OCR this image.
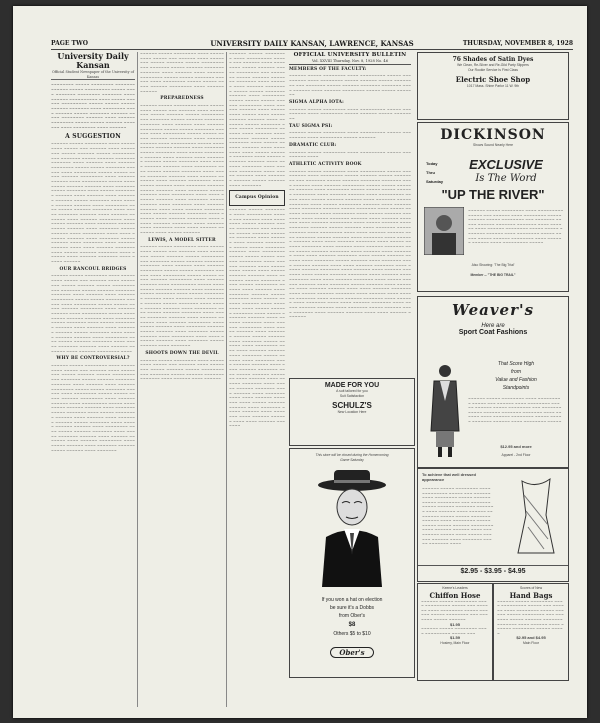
PAGE TWO	UNIVERSITY DAILY KANSAN, LAWRENCE, KANSAS	THURSDAY, NOVEMBER 8, 1928
University Daily Kansan
Official Student Newspaper of the University of Kansas
~~~~~~~~ ~~~~~ ~~~~~~~~ ~~~~~~~ ~~~~~~ ~~~~~ ~~~~~~~~~ ~~~~~ ~~~~ ~~~~~~~ ~~~~~~~~ ~~~~~~~ ~~~~ ~~~~~~ ~~~~~~~~~~ ~~~~ ~~~~~ ~~~~~~ ~~~~~~~~~ ~~~~~ ~~~~~ ~~~~~ ~~~~~~ ~~~~~~~ ~~~~ ~~~~~~~~ ~~~~ ~~~~~~ ~~~~~ ~~~~~~~ ~~~~~~ ~~~~~ ~~~~~~~~ ~~~~~~ ~~~~ ~~~~~~ ~~~~~~~~ ~~~~~ ~~~~~ ~~~~~~ ~~~~~~~ ~~~~ ~~~~~~~~ ~~~~ ~~~~~~
A SUGGESTION
~~~~~~ ~~~~~ ~~~~~~~~ ~~~~ ~~~~~~~~~ ~~~~~ ~~~ ~~~~~~ ~~~~ ~~~~~~~~ ~~~~~ ~~~~~~ ~~~~~ ~~~~~~~~ ~~~ ~~~~~~~ ~~~~~ ~~~~~~ ~~~~~~~ ~~~~~~~ ~~~~ ~~~~~~ ~~~~ ~~~~~~ ~~~~~~~~ ~~~~~ ~~~~~ ~~~~~~~ ~~~~~~ ~~~~ ~~~~~~~~ ~~~~~ ~~~~~ ~~~~~ ~~~~~~ ~~~~~~~~ ~~~~ ~~~~~~ ~~~~~~ ~~~~ ~~~~~~~~~ ~~~~~ ~~~~ ~~~~~ ~~~~~~ ~~~~~~ ~~~~ ~~~~~~~ ~~~~~ ~~~~~~~ ~~~~ ~~~~~ ~~~~~~~~ ~~~~~~ ~~~~ ~~~~~~ ~~~~ ~~~~~~~ ~~~~~~ ~~~~~ ~~~~~~~ ~~~~ ~~~~~ ~~~~~~ ~~~~~~ ~~~~ ~~~~~~~~ ~~~~ ~~~~~ ~~~~~~ ~~~~~~~ ~~~~ ~~~~~ ~~~~~~~ ~~~~~~ ~~~~ ~~~~~~ ~~~~~~~ ~~~~ ~~~~~~ ~~~~~~~~ ~~~~ ~~~~~ ~~~~~~ ~~~~ ~~~~~~~ ~~~~~~ ~~~~~ ~~~~~~ ~~~~ ~~~~~~~ ~~~~~ ~~~~~~ ~~~~ ~~~~~~~~ ~~~~ ~~~~ ~~~~~~ ~~~~~~ ~~~~ ~~~~~~~ ~~~~~ ~~~~~~ ~~~~ ~~~~~~~ ~~~~ ~~~~~~ ~~~~~~ ~~~~ ~~~~ ~~~~~~ ~~~~~~~ ~~~~ ~~~~~ ~~~~~~ ~~~~~~~ ~~~~ ~~~~~~ ~~~~ ~~~~~~ ~~~~~~~ ~~~~ ~~~~~ ~~~~~~
OUR RANCOUL BRIDGES
~~~~~~ ~~~~~ ~~~~~~~~ ~~~~ ~~~~~~~~~ ~~~~~ ~~~ ~~~~~~ ~~~~ ~~~~~~~~ ~~~~~ ~~~~~~ ~~~~~ ~~~~~~~~ ~~~ ~~~~~~~ ~~~~~ ~~~~~~ ~~~~~~~ ~~~~~~~ ~~~~ ~~~~~~ ~~~~ ~~~~~~ ~~~~~~~~ ~~~~~ ~~~~~ ~~~~~~~ ~~~~~~ ~~~~ ~~~~~~~~ ~~~~~ ~~~~~ ~~~~~ ~~~~~~ ~~~~~~~~ ~~~~ ~~~~~~ ~~~~~~ ~~~~ ~~~~~~~~~ ~~~~~ ~~~~ ~~~~~ ~~~~~~ ~~~~~~ ~~~~ ~~~~~~~ ~~~~~ ~~~~~~~ ~~~~ ~~~~~ ~~~~~~~~ ~~~~~~ ~~~~ ~~~~~~ ~~~~ ~~~~~~~ ~~~~~~ ~~~~~ ~~~~~~~ ~~~~ ~~~~~ ~~~~~~ ~~~~~~ ~~~~ ~~~~~~~~ ~~~~ ~~~~~ ~~~~~~ ~~~~~~~ ~~~~ ~~~~~ ~~~~~~~ ~~~~~~ ~~~~ ~~~~~~ ~~~~~~~ ~~~~ ~~~~~~ ~~~~~~~~ ~~~~
WHY BE CONTROVERSIAL?
~~~~~~ ~~~~~ ~~~~~~~~ ~~~~ ~~~~~~~~~ ~~~~~ ~~~ ~~~~~~ ~~~~ ~~~~~~~~ ~~~~~ ~~~~~~ ~~~~~ ~~~~~~~~ ~~~ ~~~~~~~ ~~~~~ ~~~~~~ ~~~~~~~ ~~~~~~~ ~~~~ ~~~~~~ ~~~~ ~~~~~~ ~~~~~~~~ ~~~~~ ~~~~~ ~~~~~~~ ~~~~~~ ~~~~ ~~~~~~~~ ~~~~~ ~~~~~ ~~~~~ ~~~~~~ ~~~~~~~~ ~~~~ ~~~~~~ ~~~~~~ ~~~~ ~~~~~~~~~ ~~~~~ ~~~~ ~~~~~ ~~~~~~ ~~~~~~ ~~~~ ~~~~~~~ ~~~~~ ~~~~~~~ ~~~~ ~~~~~ ~~~~~~~~ ~~~~~~ ~~~~ ~~~~~~ ~~~~ ~~~~~~~ ~~~~~~ ~~~~~ ~~~~~~~ ~~~~ ~~~~~ ~~~~~~ ~~~~~~ ~~~~ ~~~~~~~~ ~~~~ ~~~~~ ~~~~~~ ~~~~~~~ ~~~~ ~~~~~ ~~~~~~~ ~~~~~~ ~~~~ ~~~~~~ ~~~~~~~ ~~~~ ~~~~~~ ~~~~~~~~ ~~~~ ~~~~~ ~~~~~~ ~~~~ ~~~~~~~ ~~~~~~ ~~~~~ ~~~~~~ ~~~~ ~~~~~~~
~~~~~~ ~~~~~ ~~~~~~~~ ~~~~ ~~~~~~~~~ ~~~~~ ~~~ ~~~~~~ ~~~~ ~~~~~~~~ ~~~~~ ~~~~~~ ~~~~~ ~~~~~~~~ ~~~ ~~~~~~~ ~~~~~ ~~~~~~ ~~~~~~~ ~~~~~~~ ~~~~ ~~~~~~ ~~~~ ~~~~~~ ~~~~~~~~ ~~~~~ ~~~~~ ~~~~~~~ ~~~~~~ ~~~~ ~~~~~~~~ ~~~~~ ~~~~~ ~~~~~ ~~~~~~ ~~~~~~~~ ~~~~ ~~~~~~ ~~~~~~
PREPAREDNESS
~~~~~~ ~~~~~ ~~~~~~~~ ~~~~ ~~~~~~~~~ ~~~~~ ~~~ ~~~~~~ ~~~~ ~~~~~~~~ ~~~~~ ~~~~~~ ~~~~~ ~~~~~~~~ ~~~ ~~~~~~~ ~~~~~ ~~~~~~ ~~~~~~~ ~~~~~~~ ~~~~ ~~~~~~ ~~~~ ~~~~~~ ~~~~~~~~ ~~~~~ ~~~~~ ~~~~~~~ ~~~~~~ ~~~~ ~~~~~~~~ ~~~~~ ~~~~~ ~~~~~ ~~~~~~ ~~~~~~~~ ~~~~ ~~~~~~ ~~~~~~ ~~~~ ~~~~~~~~~ ~~~~~ ~~~~ ~~~~~ ~~~~~~ ~~~~~~ ~~~~ ~~~~~~~ ~~~~~ ~~~~~~~ ~~~~ ~~~~~ ~~~~~~~~ ~~~~~~ ~~~~ ~~~~~~ ~~~~ ~~~~~~~ ~~~~~~ ~~~~~ ~~~~~~~ ~~~~ ~~~~~ ~~~~~~ ~~~~~~ ~~~~ ~~~~~~~~ ~~~~ ~~~~~ ~~~~~~ ~~~~~~~ ~~~~ ~~~~~ ~~~~~~~ ~~~~~~ ~~~~ ~~~~~~ ~~~~~~~ ~~~~ ~~~~~~ ~~~~~~~~ ~~~~ ~~~~~ ~~~~~~ ~~~~ ~~~~~~~ ~~~~~~ ~~~~~ ~~~~~~ ~~~~ ~~~~~~~ ~~~~~ ~~~~~~ ~~~~ ~~~~~~~~ ~~~~ ~~~~ ~~~~~~ ~~~~~~ ~~~~ ~~~~~~~ ~~~~~ ~~~~~~ ~~~~ ~~~~~~~ ~~~~ ~~~~~~ ~~~~~~ ~~~~ ~~~~ ~~~~~~ ~~~~~~~ ~~~~ ~~~~~ ~~~~~~ ~~~~~~~ ~~~~ ~~~~~~ ~~~~ ~~~~~~ ~~~~~~~ ~~~~ ~~~~~ ~~~~~~ ~~~~~~~ ~~~~ ~~~~~~ ~~~~ ~~~~~~~ ~~~~ ~~~~ ~~~~~~ ~~~~~~~ ~~~~ ~~~~~ ~~~~~~
LEWIS, A MODEL SITTER
~~~~~~ ~~~~~ ~~~~~~~~ ~~~~ ~~~~~~~~~ ~~~~~ ~~~ ~~~~~~ ~~~~ ~~~~~~~~ ~~~~~ ~~~~~~ ~~~~~ ~~~~~~~~ ~~~ ~~~~~~~ ~~~~~ ~~~~~~ ~~~~~~~ ~~~~~~~ ~~~~ ~~~~~~ ~~~~ ~~~~~~ ~~~~~~~~ ~~~~~ ~~~~~ ~~~~~~~ ~~~~~~ ~~~~ ~~~~~~~~ ~~~~~ ~~~~~ ~~~~~ ~~~~~~ ~~~~~~~~ ~~~~ ~~~~~~ ~~~~~~ ~~~~ ~~~~~~~~~ ~~~~~ ~~~~ ~~~~~ ~~~~~~ ~~~~~~ ~~~~ ~~~~~~~ ~~~~~ ~~~~~~~ ~~~~ ~~~~~ ~~~~~~~~ ~~~~~~ ~~~~ ~~~~~~ ~~~~ ~~~~~~~ ~~~~~~ ~~~~~ ~~~~~~~ ~~~~ ~~~~~ ~~~~~~ ~~~~~~ ~~~~ ~~~~~~~~ ~~~~ ~~~~~ ~~~~~~ ~~~~~~~ ~~~~ ~~~~~ ~~~~~~~ ~~~~~~ ~~~~ ~~~~~~ ~~~~~~~ ~~~~ ~~~~~~ ~~~~~~~~ ~~~~ ~~~~~ ~~~~~~ ~~~~ ~~~~~~~ ~~~~~~ ~~~~~ ~~~~~~ ~~~~ ~~~~~~~ ~~~~~ ~~~~~~ ~~~~ ~~~~~~~~ ~~~~ ~~~~ ~~~~~~ ~~~~~~ ~~~~ ~~~~~~~ ~~~~~ ~~~~~~ ~~~~ ~~~~~~~
SHOOTS DOWN THE DEVIL
~~~~~~ ~~~~~ ~~~~~~~~ ~~~~ ~~~~~~~~~ ~~~~~ ~~~ ~~~~~~ ~~~~ ~~~~~~~~ ~~~~~ ~~~~~~ ~~~~~ ~~~~~~~~ ~~~ ~~~~~~~ ~~~~~ ~~~~~~ ~~~~~~~ ~~~~~~~ ~~~~ ~~~~~~ ~~~~ ~~~~~~
~~~~~~ ~~~~~ ~~~~~~~~ ~~~~ ~~~~~~~~~ ~~~~~ ~~~ ~~~~~~ ~~~~ ~~~~~~~~ ~~~~~ ~~~~~~ ~~~~~ ~~~~~~~~ ~~~ ~~~~~~~ ~~~~~ ~~~~~~ ~~~~~~~ ~~~~~~~ ~~~~ ~~~~~~ ~~~~ ~~~~~~ ~~~~~~~~ ~~~~~ ~~~~~ ~~~~~~~ ~~~~~~ ~~~~ ~~~~~~~~ ~~~~~ ~~~~~ ~~~~~ ~~~~~~ ~~~~~~~~ ~~~~ ~~~~~~ ~~~~~~ ~~~~ ~~~~~~~~~ ~~~~~ ~~~~ ~~~~~ ~~~~~~ ~~~~~~ ~~~~ ~~~~~~~ ~~~~~ ~~~~~~~ ~~~~ ~~~~~ ~~~~~~~~ ~~~~~~ ~~~~ ~~~~~~ ~~~~ ~~~~~~~ ~~~~~~ ~~~~~ ~~~~~~~ ~~~~ ~~~~~ ~~~~~~ ~~~~~~ ~~~~ ~~~~~~~~ ~~~~ ~~~~~ ~~~~~~ ~~~~~~~ ~~~~ ~~~~~ ~~~~~~~ ~~~~~~ ~~~~ ~~~~~~ ~~~~~~~ ~~~~ ~~~~~~ ~~~~~~~~ ~~~~ ~~~~~ ~~~~~~ ~~~~ ~~~~~~~ ~~~~~~ ~~~~~ ~~~~~~ ~~~~ ~~~~~~~
Campus Opinion
~~~~~~ ~~~~~ ~~~~~~~~ ~~~~ ~~~~~~~~~ ~~~~~ ~~~ ~~~~~~ ~~~~ ~~~~~~~~ ~~~~~ ~~~~~~ ~~~~~ ~~~~~~~~ ~~~ ~~~~~~~ ~~~~~ ~~~~~~ ~~~~~~~ ~~~~~~~ ~~~~ ~~~~~~ ~~~~ ~~~~~~ ~~~~~~~~ ~~~~~ ~~~~~ ~~~~~~~ ~~~~~~ ~~~~ ~~~~~~~~ ~~~~~ ~~~~~ ~~~~~ ~~~~~~ ~~~~~~~~ ~~~~ ~~~~~~ ~~~~~~ ~~~~ ~~~~~~~~~ ~~~~~ ~~~~ ~~~~~ ~~~~~~ ~~~~~~ ~~~~ ~~~~~~~ ~~~~~ ~~~~~~~ ~~~~ ~~~~~ ~~~~~~~~ ~~~~~~ ~~~~ ~~~~~~ ~~~~ ~~~~~~~ ~~~~~~ ~~~~~ ~~~~~~~ ~~~~ ~~~~~ ~~~~~~ ~~~~~~ ~~~~ ~~~~~~~~ ~~~~ ~~~~~ ~~~~~~ ~~~~~~~ ~~~~ ~~~~~ ~~~~~~~ ~~~~~~ ~~~~ ~~~~~~ ~~~~~~~ ~~~~ ~~~~~~ ~~~~~~~~ ~~~~ ~~~~~ ~~~~~~ ~~~~ ~~~~~~~ ~~~~~~ ~~~~~ ~~~~~~ ~~~~ ~~~~~~~ ~~~~~ ~~~~~~ ~~~~ ~~~~~~~~ ~~~~ ~~~~ ~~~~~~ ~~~~~~ ~~~~ ~~~~~~~ ~~~~~ ~~~~~~ ~~~~ ~~~~~~~ ~~~~ ~~~~~~ ~~~~~~ ~~~~ ~~~~ ~~~~~~ ~~~~~~~ ~~~~ ~~~~~ ~~~~~~ ~~~~~~~ ~~~~ ~~~~~~ ~~~~ ~~~~~~ ~~~~~~~ ~~~~ ~~~~~ ~~~~~~ ~~~~~~~ ~~~~ ~~~~~~ ~~~~ ~~~~~~~ ~~~~ ~~~~ ~~~~~~ ~~~~~~~ ~~~~ ~~~~~ ~~~~~~ ~~~~~~ ~~~~ ~~~~~~~ ~~~~~ ~~~~~~ ~~~~ ~~~~~~~ ~~~~ ~~~~~~ ~~~~~~ ~~~~ ~~~~ ~~~~~~ ~~~~~~~
OFFICIAL UNIVERSITY BULLETIN
Vol. XXVIII Thursday, Nov. 8, 1928 No. 46
MEMBERS OF THE FACULTY:
~~~~~~ ~~~~~ ~~~~~~~~ ~~~~ ~~~~~~~~~ ~~~~~ ~~~ ~~~~~~ ~~~~ ~~~~~~~~ ~~~~~ ~~~~~~ ~~~~~ ~~~~~~~~ ~~~ ~~~~~~~ ~~~~~ ~~~~~~ ~~~~~~~ ~~~~~~~ ~~~~ ~~~~~~ ~~~~ ~~~~~~ ~~~~~~~~ ~~~~~ ~~~~~ ~~~~~~~
SIGMA ALPHA IOTA:
~~~~~~ ~~~~~ ~~~~~~~~ ~~~~ ~~~~~~~~~ ~~~~~ ~~~ ~~~~~~ ~~~~ ~~~~~~~~ ~~~~~ ~~~~~~ ~~~~~ ~~~~~~~~
TAU SIGMA PSI:
~~~~~~ ~~~~~ ~~~~~~~~ ~~~~ ~~~~~~~~~ ~~~~~ ~~~ ~~~~~~ ~~~~ ~~~~~~~~ ~~~~~ ~~~~~~
DRAMATIC CLUB:
~~~~~~ ~~~~~ ~~~~~~~~ ~~~~ ~~~~~~~~~ ~~~~~ ~~~ ~~~~~~ ~~~~
ATHLETIC ACTIVITY BOOK
~~~~~~ ~~~~~ ~~~~~~~~ ~~~~ ~~~~~~~~~ ~~~~~ ~~~ ~~~~~~ ~~~~ ~~~~~~~~ ~~~~~ ~~~~~~ ~~~~~ ~~~~~~~~ ~~~ ~~~~~~~ ~~~~~ ~~~~~~ ~~~~~~~ ~~~~~~~ ~~~~ ~~~~~~ ~~~~ ~~~~~~ ~~~~~~~~ ~~~~~ ~~~~~ ~~~~~~~ ~~~~~~ ~~~~ ~~~~~~~~ ~~~~~ ~~~~~ ~~~~~ ~~~~~~ ~~~~~~~~ ~~~~ ~~~~~~ ~~~~~~ ~~~~ ~~~~~~~~~ ~~~~~ ~~~~ ~~~~~ ~~~~~~ ~~~~~~ ~~~~ ~~~~~~~ ~~~~~ ~~~~~~~ ~~~~ ~~~~~ ~~~~~~~~ ~~~~~~ ~~~~ ~~~~~~ ~~~~ ~~~~~~~ ~~~~~~ ~~~~~ ~~~~~~~ ~~~~ ~~~~~ ~~~~~~ ~~~~~~ ~~~~ ~~~~~~~~ ~~~~ ~~~~~ ~~~~~~ ~~~~~~~ ~~~~ ~~~~~ ~~~~~~~ ~~~~~~ ~~~~ ~~~~~~ ~~~~~~~ ~~~~ ~~~~~~ ~~~~~~~~ ~~~~ ~~~~~ ~~~~~~ ~~~~ ~~~~~~~ ~~~~~~ ~~~~~ ~~~~~~ ~~~~ ~~~~~~~ ~~~~~ ~~~~~~ ~~~~ ~~~~~~~~ ~~~~ ~~~~ ~~~~~~ ~~~~~~ ~~~~ ~~~~~~~ ~~~~~ ~~~~~~ ~~~~ ~~~~~~~ ~~~~ ~~~~~~ ~~~~~~ ~~~~ ~~~~ ~~~~~~ ~~~~~~~ ~~~~ ~~~~~ ~~~~~~ ~~~~~~~ ~~~~ ~~~~~~ ~~~~ ~~~~~~ ~~~~~~~ ~~~~ ~~~~~ ~~~~~~ ~~~~~~~ ~~~~ ~~~~~~ ~~~~ ~~~~~~~ ~~~~ ~~~~ ~~~~~~ ~~~~~~~ ~~~~ ~~~~~ ~~~~~~ ~~~~~~ ~~~~ ~~~~~~~ ~~~~~ ~~~~~~ ~~~~ ~~~~~~~ ~~~~ ~~~~~~ ~~~~~~ ~~~~ ~~~~ ~~~~~~ ~~~~~~~ ~~~~ ~~~~~ ~~~~~~ ~~~~~~~ ~~~~ ~~~~~~ ~~~~ ~~~~~~ ~~~~~~~ ~~~~ ~~~~~ ~~~~~~ ~~~~~~~ ~~~~ ~~~~~~ ~~~~ ~~~~~~~ ~~~~ ~~~~ ~~~~~~ ~~~~~~~ ~~~~ ~~~~~ ~~~~~~ ~~~~~~ ~~~~ ~~~~~~~ ~~~~~ ~~~~~~ ~~~~ ~~~~~~~ ~~~~ ~~~~~~ ~~~~~~ ~~~~ ~~~~ ~~~~~~ ~~~~~~~ ~~~~ ~~~~~ ~~~~~~ ~~~~~~~ ~~~~ ~~~~~~ ~~~~ ~~~~~~ ~~~~~~~ ~~~~ ~~~~~ ~~~~~~ ~~~~~~~ ~~~~ ~~~~~~ ~~~~ ~~~~~~~ ~~~~ ~~~~ ~~~~~~ ~~~~~~~ ~~~~ ~~~~~ ~~~~~~ ~~~~~~ ~~~~ ~~~~~~~ ~~~~~ ~~~~~~ ~~~~ ~~~~~~~ ~~~~ ~~~~~~ ~~~~~~ ~~~~ ~~~~ ~~~~~~ ~~~~~~~
MADE FOR YOU
A suit tailored for you
Suit Satisfaction
SCHULZ'S
New Location Here
This store will be closed during the Homecoming
Game Saturday
If you won a hat on election
be sure it's a Dobbs
from Ober's
$8
Others $5 to $10
Ober's
76 Shades of Satin Dyes
We Clean, Re-Silver and Re-Gild Party Slippers
Our Rookie Service Is First Class
Electric Shoe Shop
1017 Mass. Shine Parlor 11 W. 9th
DICKINSON
Shows Sound Nearly Here
Today
Thru
Saturday
EXCLUSIVE
Is The Word
"UP THE RIVER"
~~~~~~ ~~~~~ ~~~~~~~~ ~~~~ ~~~~~~~~~ ~~~~~ ~~~ ~~~~~~ ~~~~ ~~~~~~~~ ~~~~~ ~~~~~~ ~~~~~ ~~~~~~~~ ~~~ ~~~~~~~ ~~~~~ ~~~~~~ ~~~~~~~ ~~~~~~~ ~~~~ ~~~~~~ ~~~~ ~~~~~~ ~~~~~~~~ ~~~~~ ~~~~~ ~~~~~~~ ~~~~~~ ~~~~ ~~~~~~~~ ~~~~~ ~~~~~ ~~~~~ ~~~~~~ ~~~~~~~~ ~~~~ ~~~~~~ ~~~~~~ ~~~~ ~~~~~~~~~ ~~~~~
Also Showing: 'The Big Trial'
Member -- "THE BIG TRAIL"
Weaver's
Here are
Sport Coat Fashions
That Score High
from
Value and Fashion
Standpoints
~~~~~~ ~~~~~ ~~~~~~~~ ~~~~ ~~~~~~~~~ ~~~~~ ~~~ ~~~~~~ ~~~~ ~~~~~~~~ ~~~~~ ~~~~~~ ~~~~~ ~~~~~~~~ ~~~ ~~~~~~~ ~~~~~ ~~~~~~ ~~~~~~~ ~~~~~~~ ~~~~ ~~~~~~ ~~~~ ~~~~~~ ~~~~~~~~ ~~~~~ ~~~~~ ~~~~~~~ ~~~~~~ ~~~~ ~~~~~~~~ ~~~~~
$12.95 and more
Apparel - 2nd Floor
To achieve that well dressed appearance
~~~~~~ ~~~~~ ~~~~~~~~ ~~~~ ~~~~~~~~~ ~~~~~ ~~~ ~~~~~~ ~~~~ ~~~~~~~~ ~~~~~ ~~~~~~ ~~~~~ ~~~~~~~~ ~~~ ~~~~~~~ ~~~~~ ~~~~~~ ~~~~~~~ ~~~~~~~ ~~~~ ~~~~~~ ~~~~ ~~~~~~ ~~~~~~~~ ~~~~~ ~~~~~ ~~~~~~~ ~~~~~~ ~~~~ ~~~~~~~~ ~~~~~ ~~~~~ ~~~~~ ~~~~~~ ~~~~~~~~ ~~~~ ~~~~~~ ~~~~~~ ~~~~ ~~~~~~~~~ ~~~~~ ~~~~ ~~~~~ ~~~~~~ ~~~~~~ ~~~~ ~~~~~~~ ~~~~~ ~~~~~~~ ~~~~
$2.95 - $3.95 - $4.95
Keene's Leaders
Chiffon Hose
~~~~~~ ~~~~~ ~~~~~~~~ ~~~~ ~~~~~~~~~ ~~~~~ ~~~ ~~~~~~ ~~~~ ~~~~~~~~ ~~~~~ ~~~~~~ ~~~~~ ~~~~~~~~ ~~~ ~~~~~~~ ~~~~~ ~~~~~~
$1.95
~~~~~~ ~~~~~ ~~~~~~~~ ~~~~ ~~~~~~~~~ ~~~~~ ~~~
$1.59
Hosiery, Main Floor
Scores of New
Hand Bags
~~~~~~ ~~~~~ ~~~~~~~~ ~~~~ ~~~~~~~~~ ~~~~~ ~~~ ~~~~~~ ~~~~ ~~~~~~~~ ~~~~~ ~~~~~~ ~~~~~ ~~~~~~~~ ~~~ ~~~~~~~ ~~~~~ ~~~~~~ ~~~~~~~ ~~~~~~~ ~~~~ ~~~~~~ ~~~~ ~~~~~~ ~~~~~~~~ ~~~~~ ~~~~~
$2.95 and $4.95
Main Floor
